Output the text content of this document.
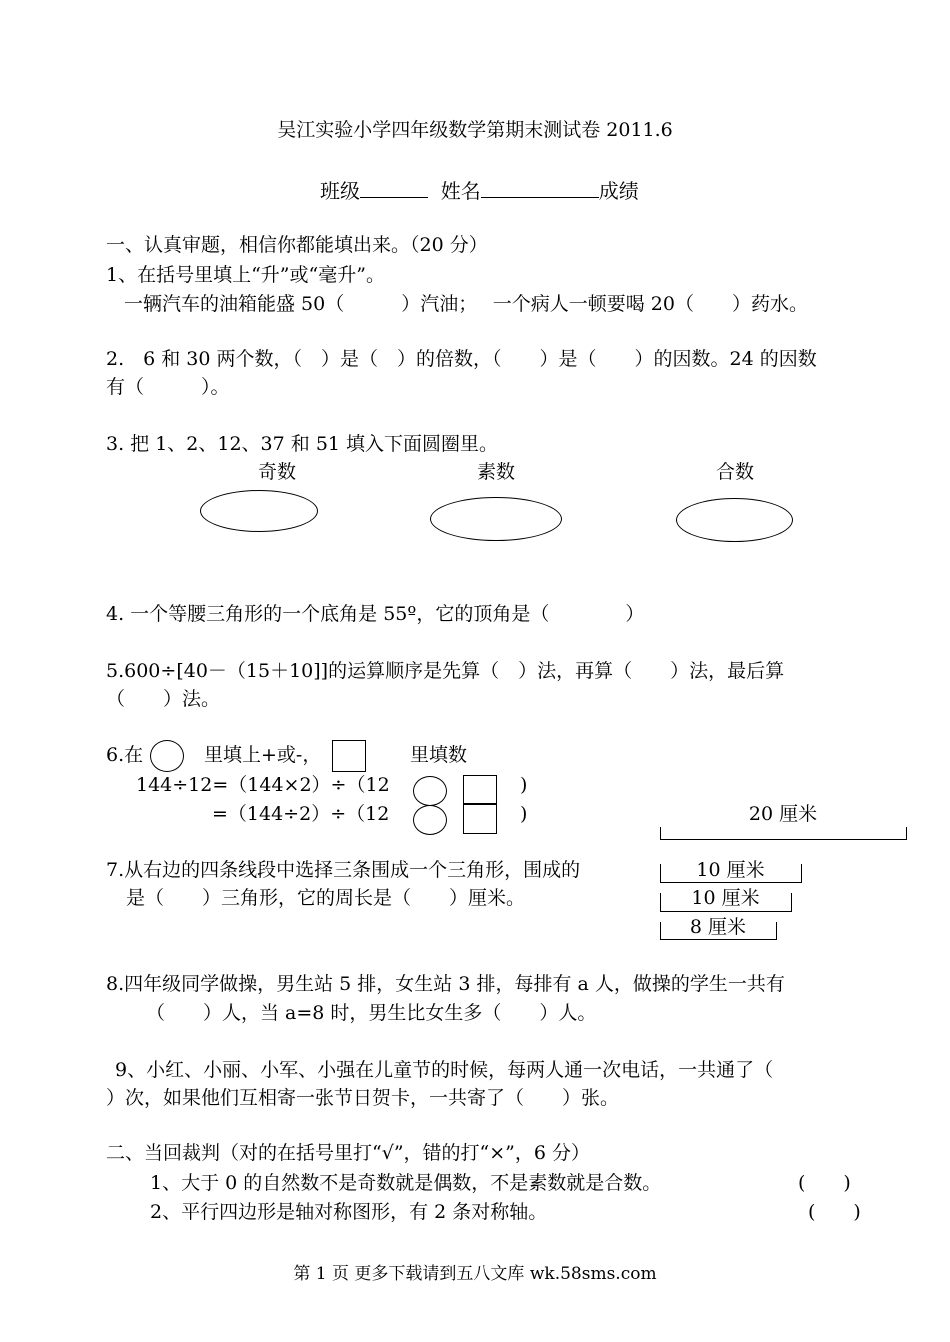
吴江实验小学四年级数学第期末测试卷 2011.6
班级	姓名	成绩
一、认真审题，相信你都能填出来。（20 分）
1、在括号里填上“升”或“毫升”。
一辆汽车的油箱能盛 50（　　　）汽油；　 一个病人一顿要喝 20（　　）药水。
2.　6 和 30 两个数，（　）是（　）的倍数，（　　）是（　　）的因数。24 的因数
有（　　　）。
3. 把 1、2、12、37 和 51 填入下面圆圈里。
奇数	素数	合数
4. 一个等腰三角形的一个底角是 55º，它的顶角是（　　　　）
5.600÷[40－（15＋10]]的运算顺序是先算（　）法，再算（　　）法，最后算
（　　）法。
6.在	里填上+或-，	里填数
144÷12=（144×2）÷（12	)
=（144÷2）÷（12	)	20 厘米
7.从右边的四条线段中选择三条围成一个三角形，围成的
是（　　）三角形，它的周长是（　　）厘米。
10 厘米
10 厘米
8 厘米
8.四年级同学做操，男生站 5 排，女生站 3 排，每排有 a 人，做操的学生一共有
（　　）人，当 a=8 时，男生比女生多（　　）人。
9、小红、小丽、小军、小强在儿童节的时候，每两人通一次电话，一共通了（
）次，如果他们互相寄一张节日贺卡，一共寄了（　　）张。
二、当回裁判（对的在括号里打“√”，错的打“×”，6 分）
1、大于 0 的自然数不是奇数就是偶数，不是素数就是合数。	(　　)
2、平行四边形是轴对称图形，有 2 条对称轴。	(　　)
第 1 页 更多下载请到五八文库 wk.58sms.com
